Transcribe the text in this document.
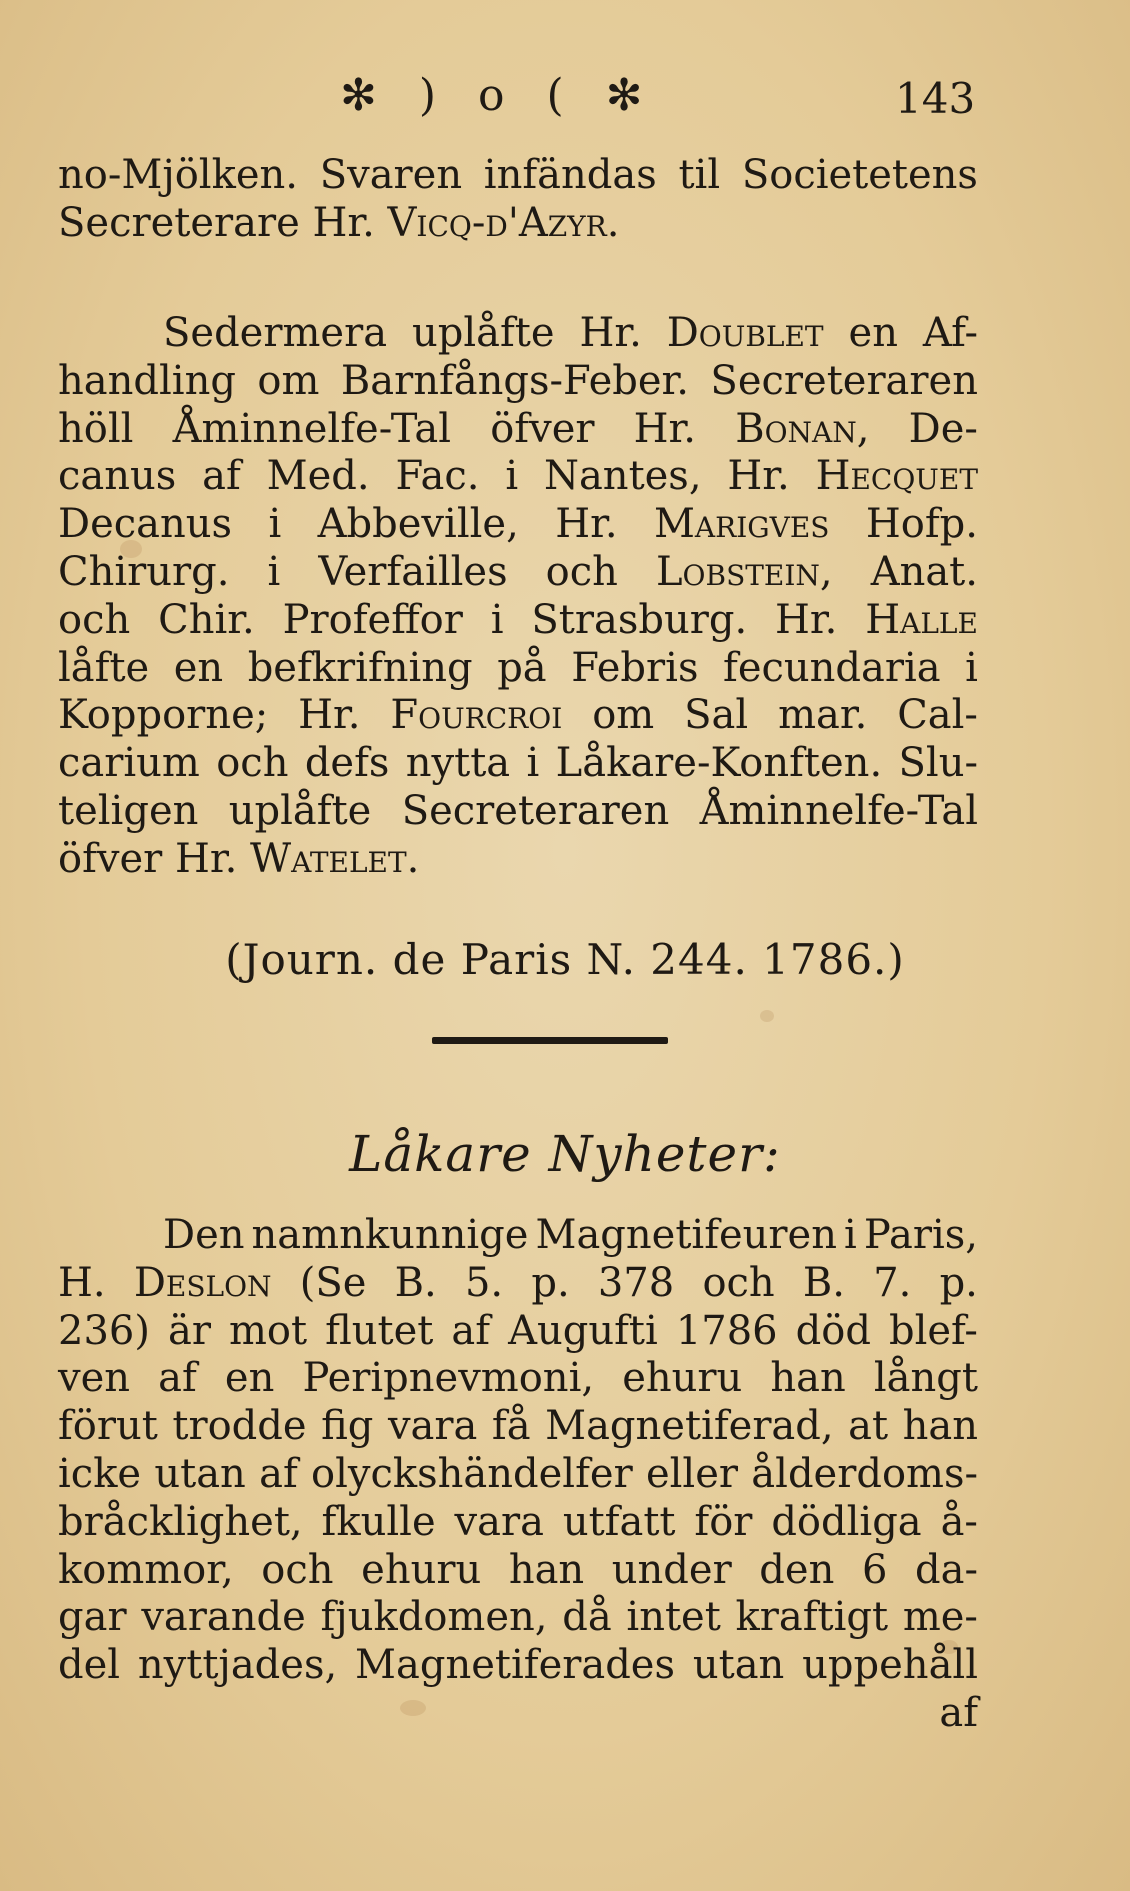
✻ ) o ( ✻	143
no-Mjölken. Svaren infändas til Societetens
Secreterare
Hr.
Vicq-d'Azyr.
Sedermera uplåfte Hr. Doublet en Af-
handling om Barnfångs-Feber. Secreteraren
höll Åminnelfe-Tal öfver Hr. Bonan, De-
canus af Med. Fac. i Nantes, Hr. Hecquet
Decanus i Abbeville, Hr. Marigves Hofp.
Chirurg. i Verfailles och Lobstein, Anat.
och Chir. Profeffor i Strasburg. Hr. Halle
låfte en befkrifning på Febris fecundaria i
Kopporne; Hr. Fourcroi om Sal mar. Cal-
carium och defs nytta i Låkare-Konften. Slu-
teligen uplåfte Secreteraren Åminnelfe-Tal
öfver
Hr.
Watelet.
(Journ. de Paris N. 244. 1786.)
Låkare Nyheter:
Den namnkunnige Magnetifeuren i Paris,
H. Deslon (Se B. 5. p. 378 och B. 7. p.
236) är mot flutet af Augufti 1786 död blef-
ven af en Peripnevmoni, ehuru han långt
förut trodde fig vara få Magnetiferad, at han
icke utan af olyckshändelfer eller ålderdoms-
bråcklighet, fkulle vara utfatt för dödliga å-
kommor, och ehuru han under den 6 da-
gar varande fjukdomen, då intet kraftigt me-
del nyttjades, Magnetiferades utan uppehåll
af
